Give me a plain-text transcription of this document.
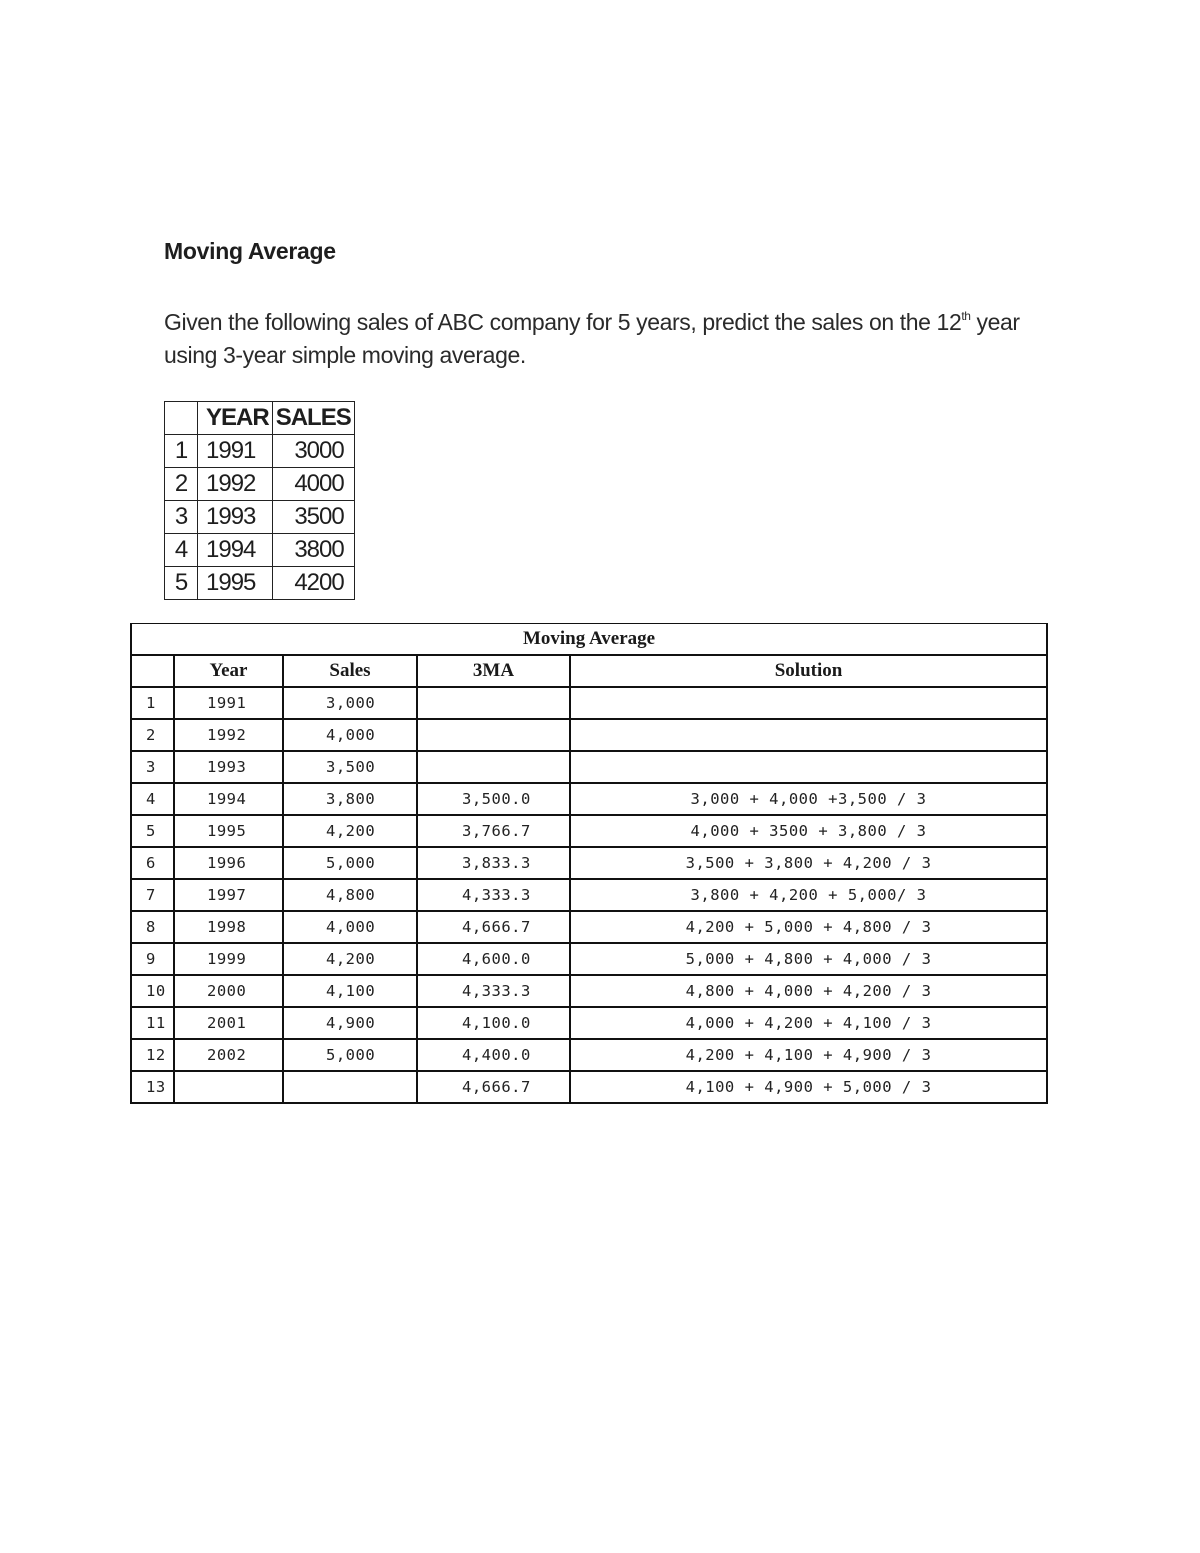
Moving Average
Given the following sales of ABC company for 5 years, predict the sales on the 12th year using 3-year simple moving average.
	YEAR	SALES
1	1991	3000
2	1992	4000
3	1993	3500
4	1994	3800
5	1995	4200
Moving Average				
	Year	Sales	3MA	Solution
1	1991	3,000		
2	1992	4,000		
3	1993	3,500		
4	1994	3,800	3,500.0	3,000 + 4,000 +3,500 / 3
5	1995	4,200	3,766.7	4,000 + 3500 + 3,800 / 3
6	1996	5,000	3,833.3	3,500 + 3,800 + 4,200 / 3
7	1997	4,800	4,333.3	3,800 + 4,200 + 5,000/ 3
8	1998	4,000	4,666.7	4,200 + 5,000 + 4,800 / 3
9	1999	4,200	4,600.0	5,000 + 4,800 + 4,000 / 3
10	2000	4,100	4,333.3	4,800 + 4,000 + 4,200 / 3
11	2001	4,900	4,100.0	4,000 + 4,200 + 4,100 / 3
12	2002	5,000	4,400.0	4,200 + 4,100 + 4,900 / 3
13			4,666.7	4,100 + 4,900 + 5,000 / 3
